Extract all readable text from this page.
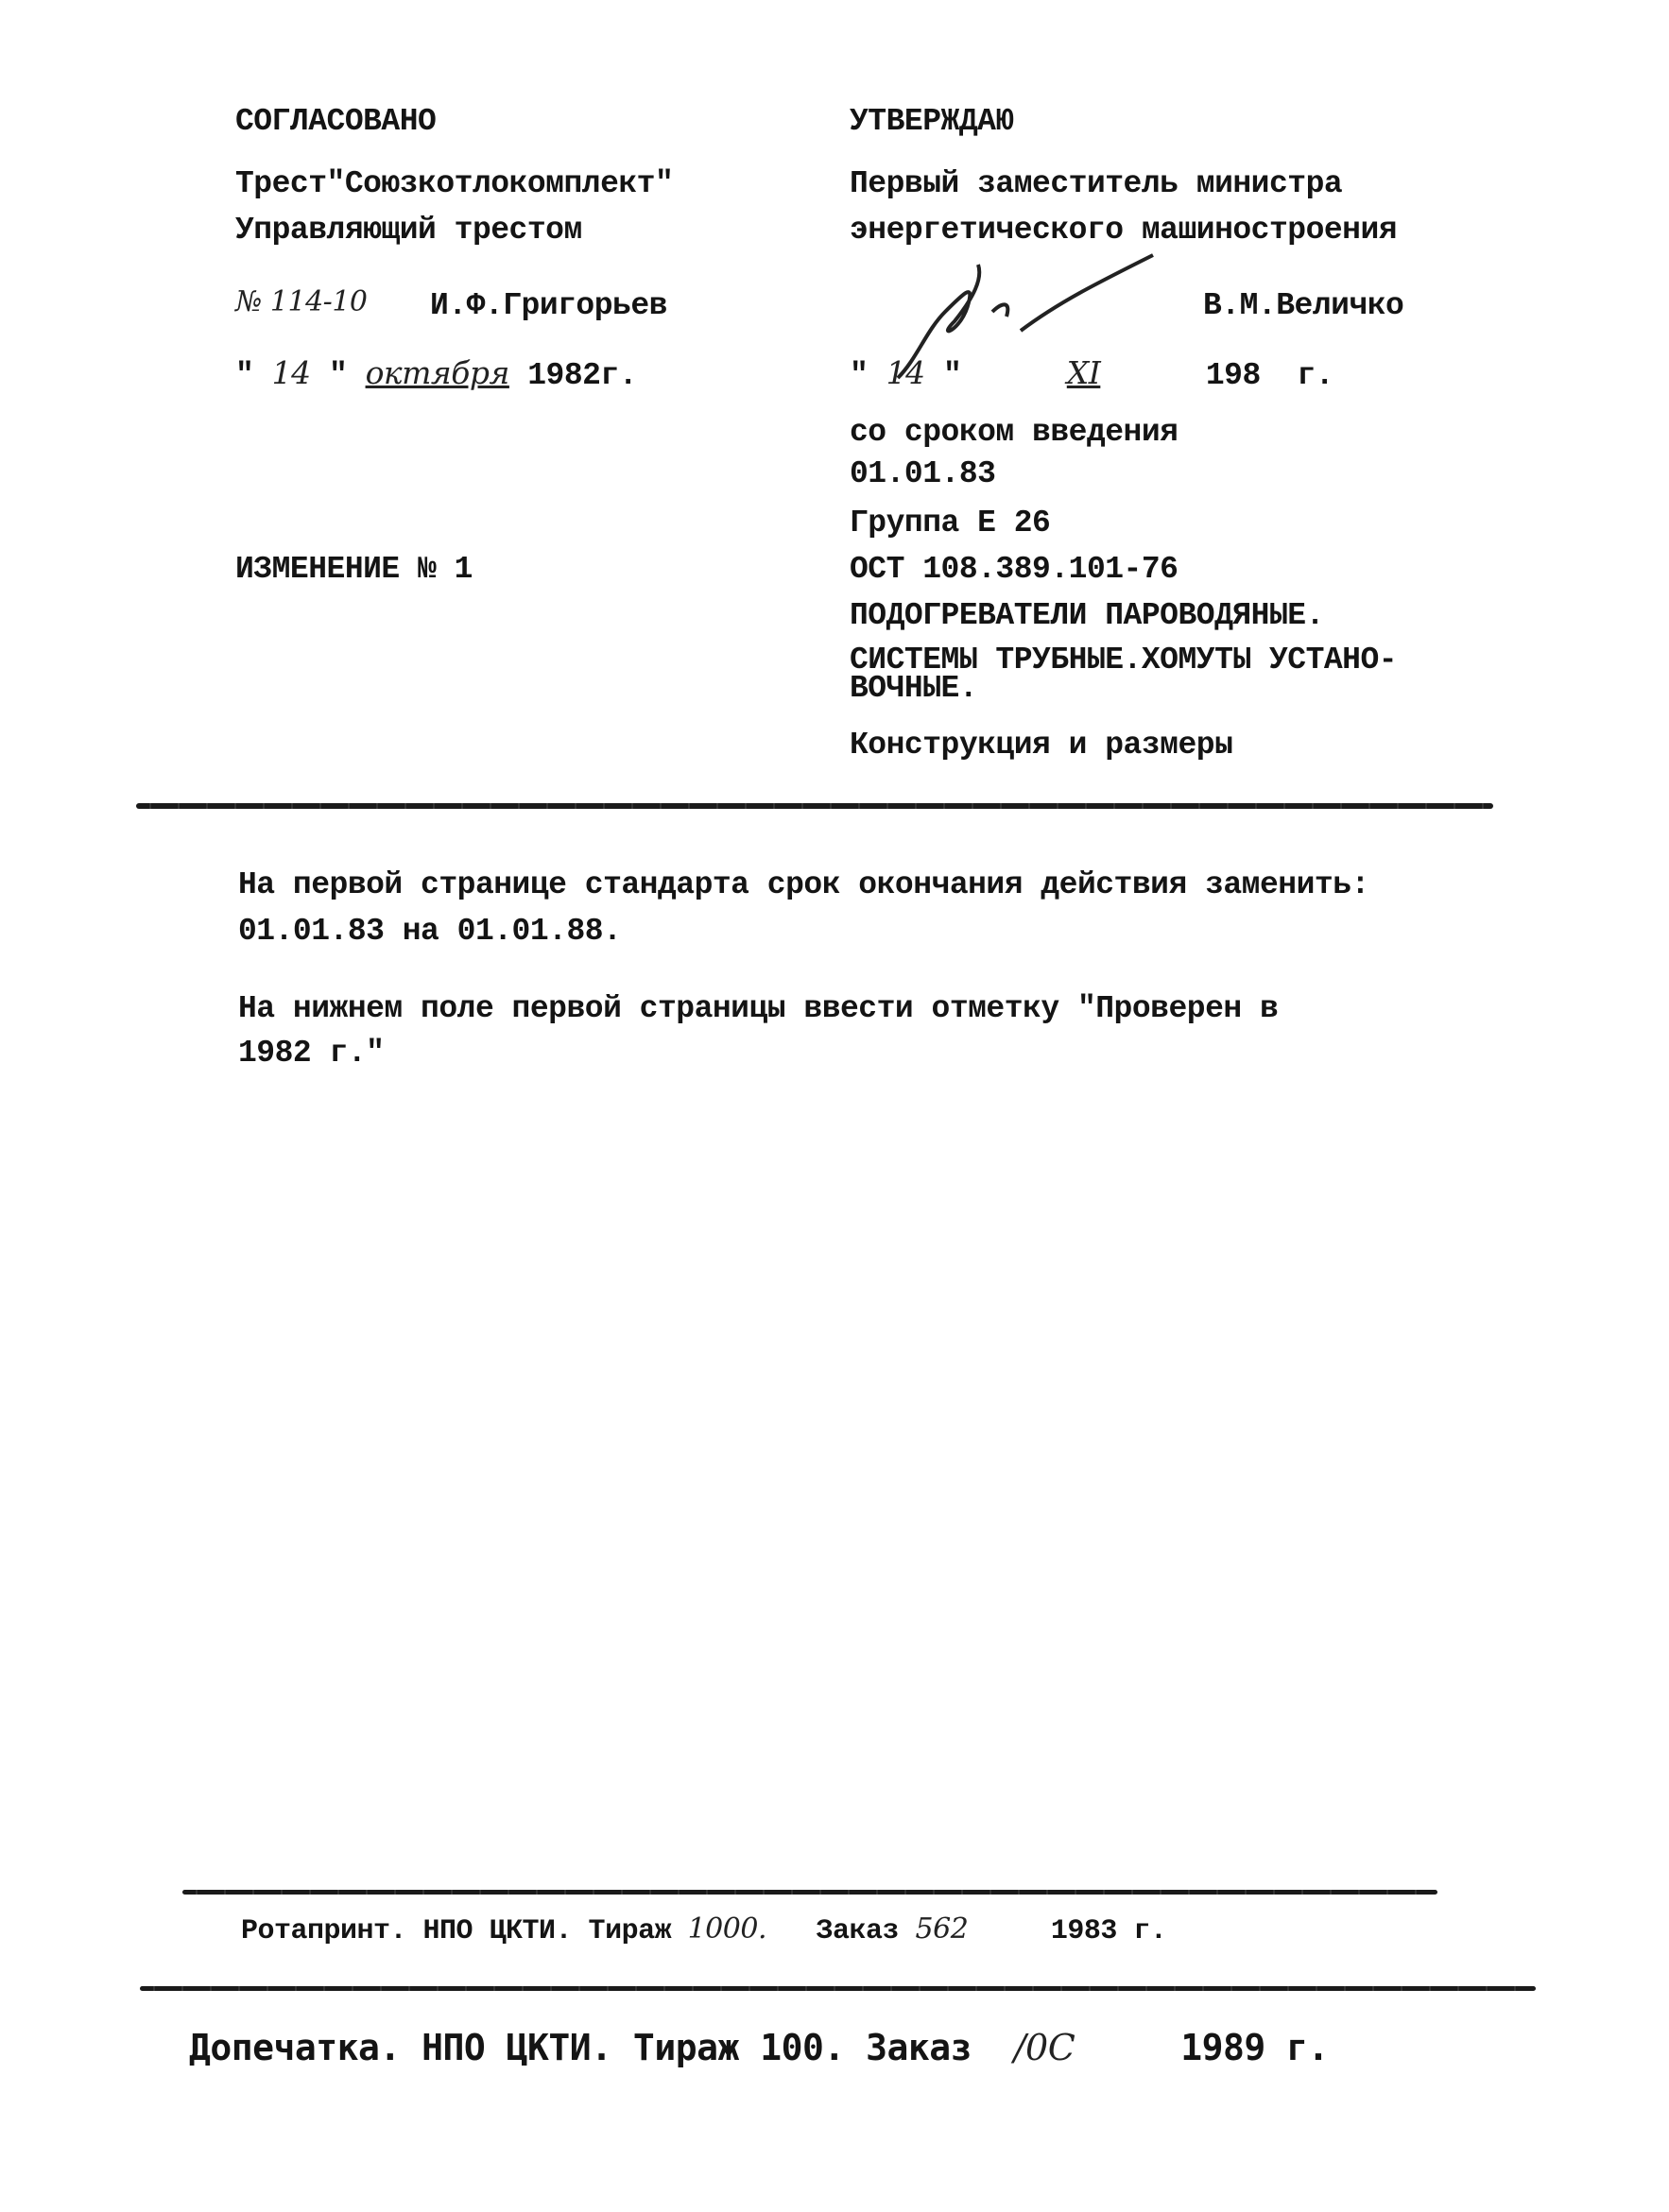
СОГЛАСОВАНО
Трест"Союзкотлокомплект"
Управляющий трестом
№ 114-10 И.Ф.Григорьев
" 14 " октября 1982г.
УТВЕРЖДАЮ
Первый заместитель министра
энергетического машиностроения
В.М.Величко
" 14 "	XI	198  г.
со сроком введения
01.01.83
Группа Е 26
ОСТ 108.389.101-76
ПОДОГРЕВАТЕЛИ ПАРОВОДЯНЫЕ.
СИСТЕМЫ ТРУБНЫЕ.ХОМУТЫ УСТАНО-
ВОЧНЫЕ.
Конструкция и размеры
ИЗМЕНЕНИЕ № 1
На первой странице стандарта срок окончания действия заменить:
01.01.83 на 01.01.88.
На нижнем поле первой страницы ввести отметку "Проверен в
1982 г."
Ротапринт. НПО ЦКТИ. Тираж 1000. Заказ 562	1983 г.
Допечатка. НПО ЦКТИ. Тираж 100. Заказ /0С	1989 г.
